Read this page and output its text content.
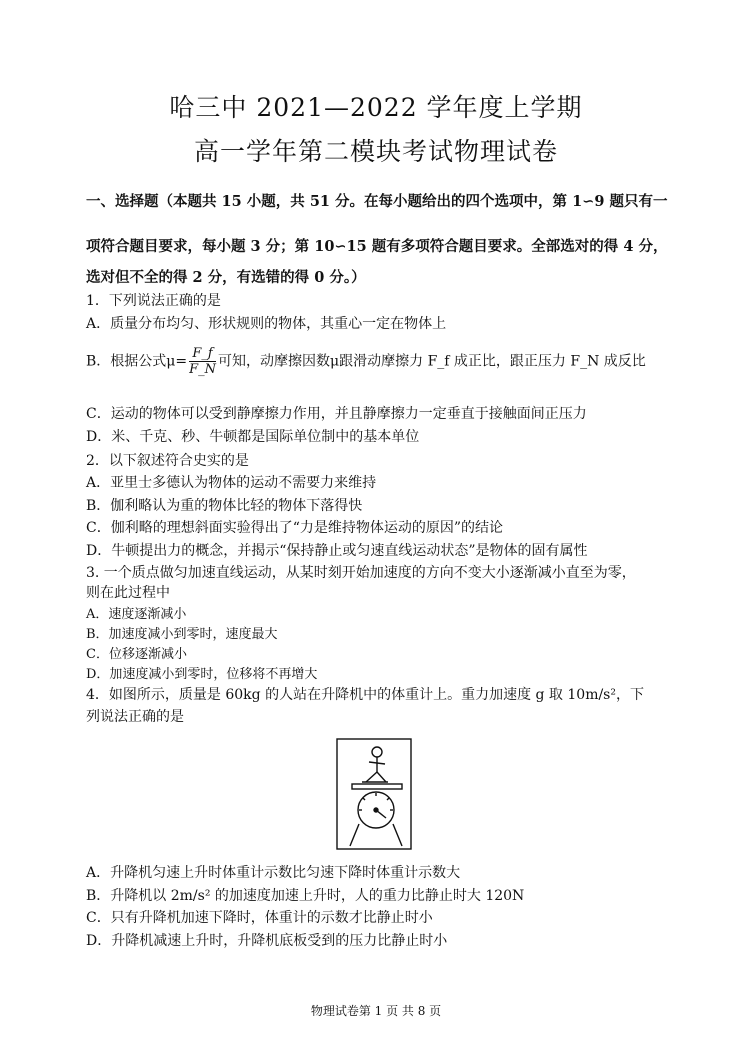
哈三中 2021—2022 学年度上学期
高一学年第二模块考试物理试卷
一、选择题（本题共 15 小题，共 51 分。在每小题给出的四个选项中，第 1∽9 题只有一
项符合题目要求，每小题 3 分；第 10∽15 题有多项符合题目要求。全部选对的得 4 分，
选对但不全的得 2 分，有选错的得 0 分。）
1．下列说法正确的是
A．质量分布均匀、形状规则的物体，其重心一定在物体上
B．根据公式$\mu= \frac{F\_f}{F\_N}$ 可知，动摩擦因数μ跟滑动摩擦力 F_f 成正比，跟正压力 F_N 成反比
C．运动的物体可以受到静摩擦力作用，并且静摩擦力一定垂直于接触面间正压力
D．米、千克、秒、牛顿都是国际单位制中的基本单位
2．以下叙述符合史实的是
A．亚里士多德认为物体的运动不需要力来维持
B．伽利略认为重的物体比轻的物体下落得快
C．伽利略的理想斜面实验得出了“力是维持物体运动的原因”的结论
D．牛顿提出力的概念，并揭示“保持静止或匀速直线运动状态”是物体的固有属性
3. 一个质点做匀加速直线运动，从某时刻开始加速度的方向不变大小逐渐减小直至为零，
则在此过程中
A．速度逐渐减小
B．加速度减小到零时，速度最大
C．位移逐渐减小
D．加速度减小到零时，位移将不再增大
4．如图所示，质量是 60kg 的人站在升降机中的体重计上。重力加速度 g 取 10m/s²，下
列说法正确的是
A．升降机匀速上升时体重计示数比匀速下降时体重计示数大
B．升降机以 2m/s² 的加速度加速上升时，人的重力比静止时大 120N
C．只有升降机加速下降时，体重计的示数才比静止时小
D．升降机减速上升时，升降机底板受到的压力比静止时小
物理试卷第 1 页 共 8 页
